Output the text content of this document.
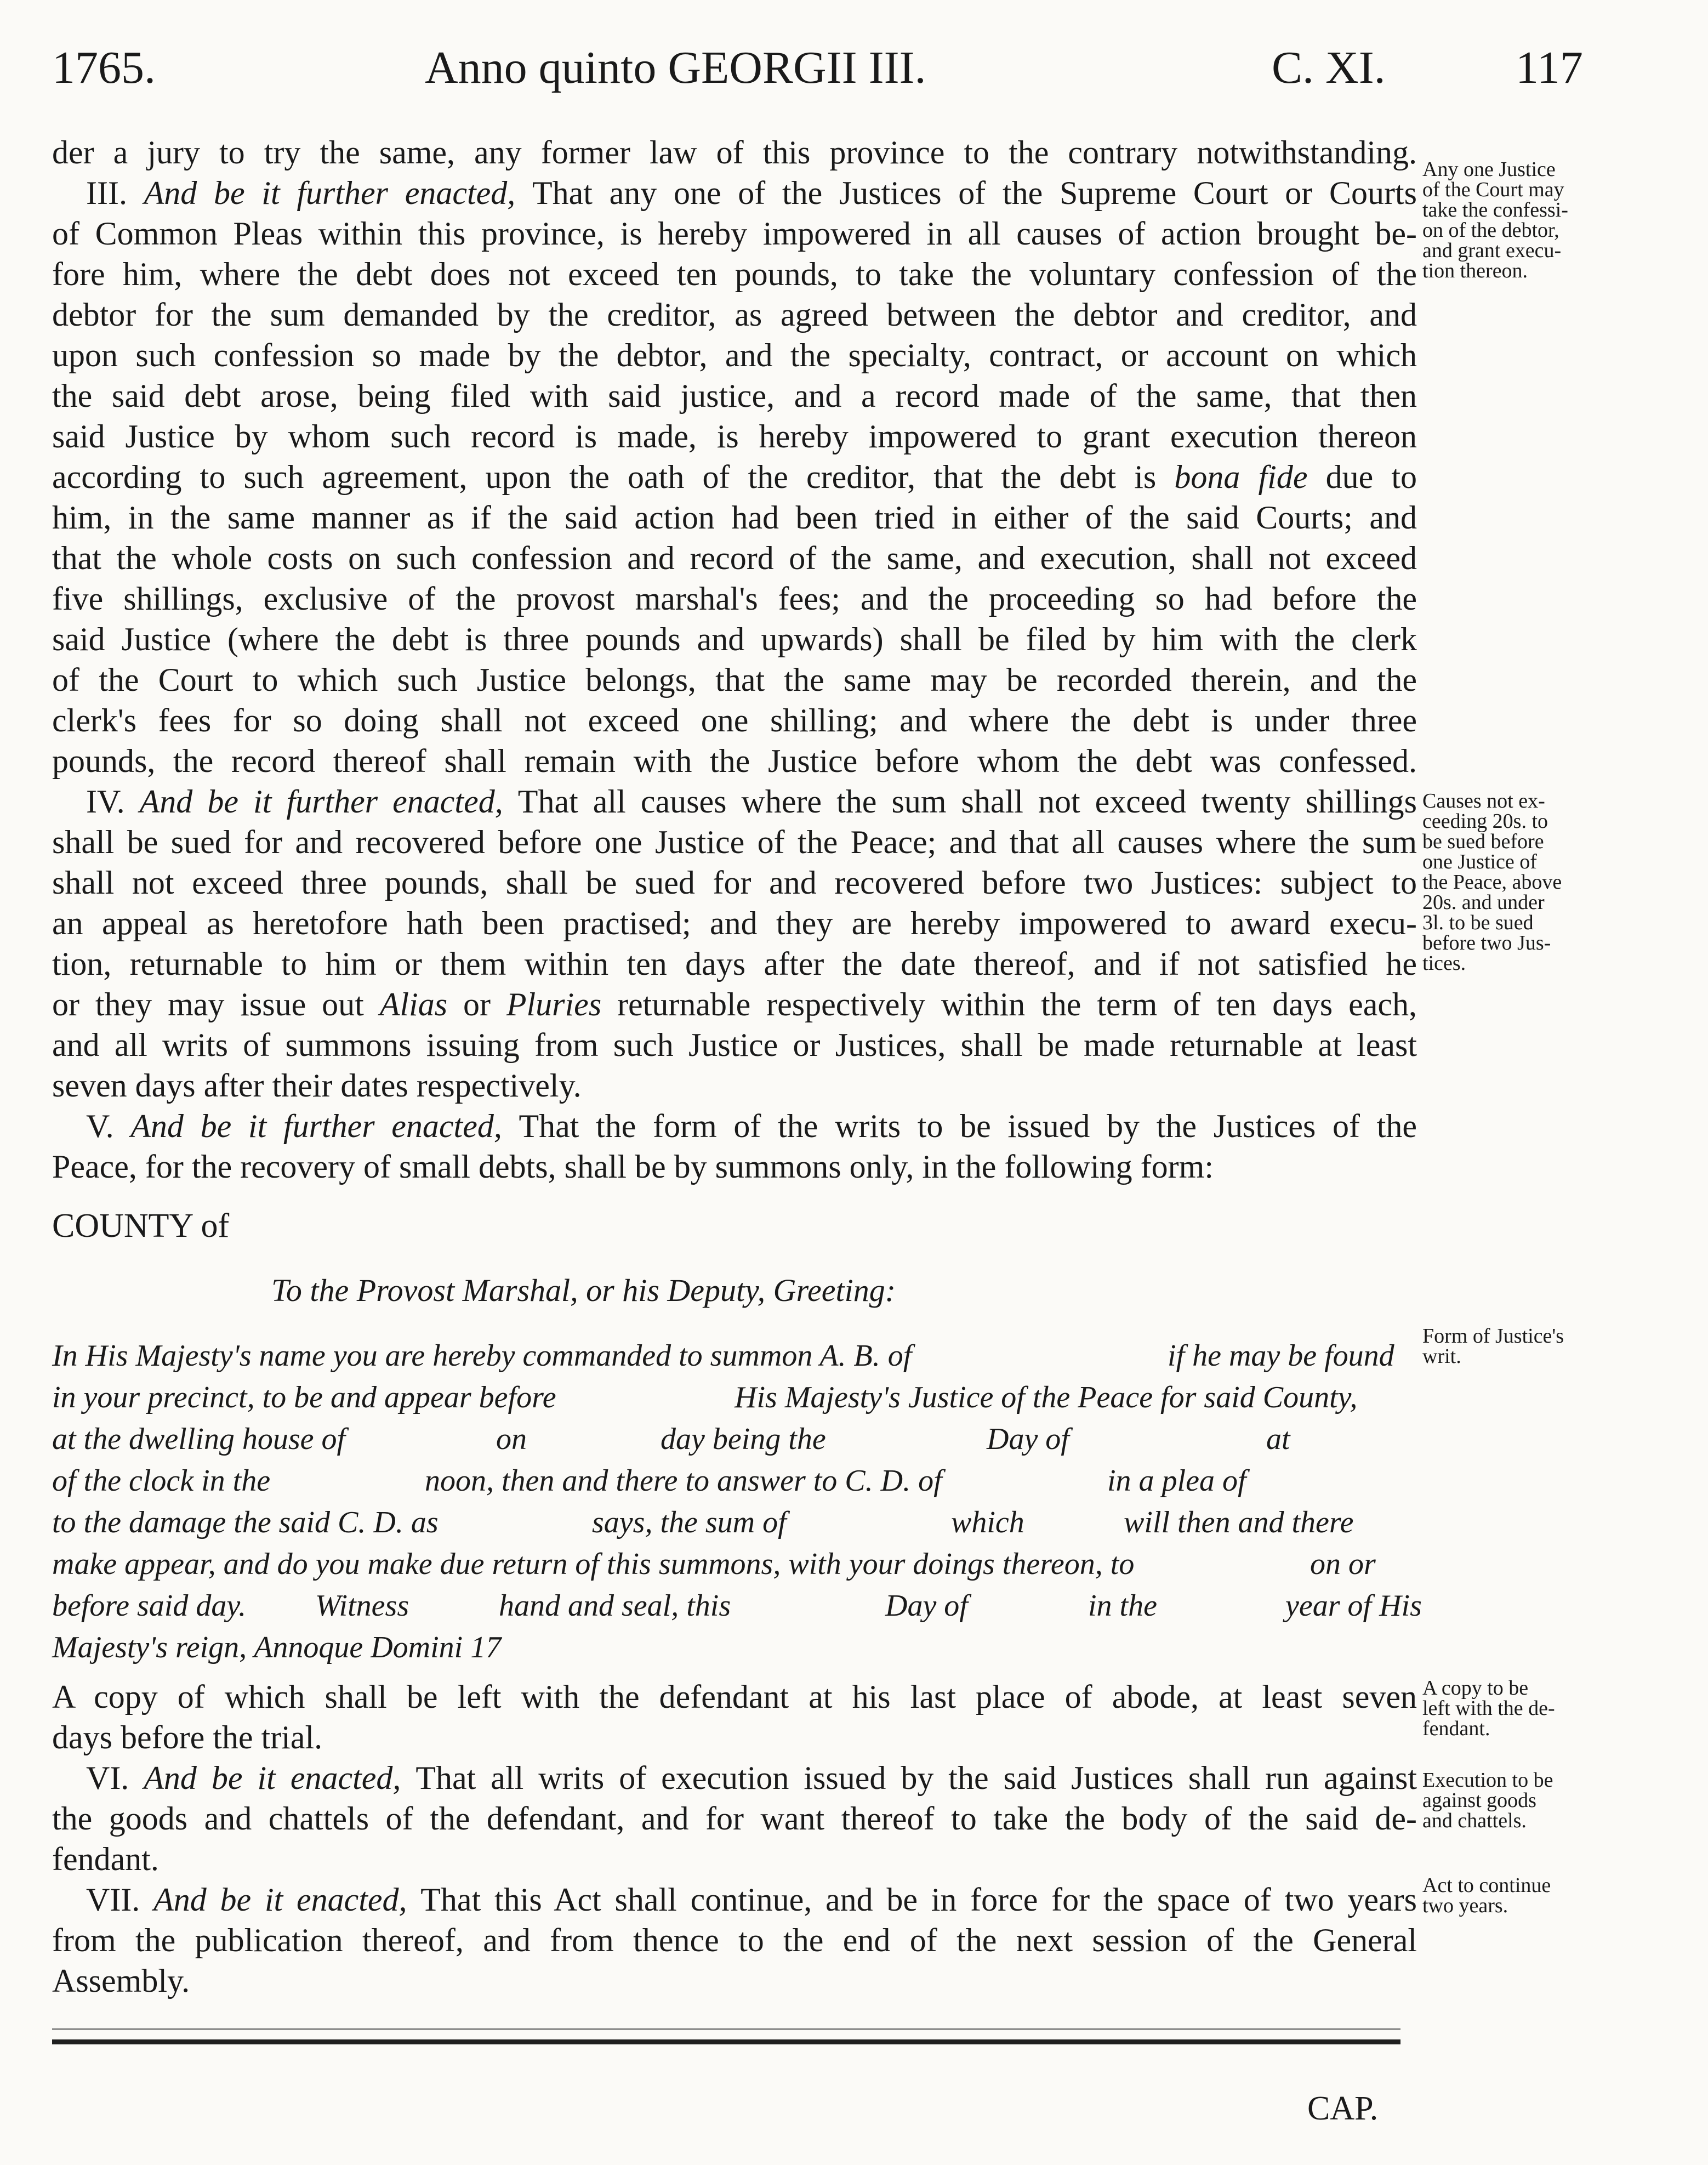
1765.	Anno quinto GEORGII III.	C. XI.	117
der a jury to try the same, any former law of this province to the contrary notwithstanding.
III. And be it further enacted, That any one of the Justices of the Supreme Court or Courts
of Common Pleas within this province, is hereby impowered in all causes of action brought be-
fore him, where the debt does not exceed ten pounds, to take the voluntary confession of the
debtor for the sum demanded by the creditor, as agreed between the debtor and creditor, and
upon such confession so made by the debtor, and the specialty, contract, or account on which
the said debt arose, being filed with said justice, and a record made of the same, that then
said Justice by whom such record is made, is hereby impowered to grant execution thereon
according to such agreement, upon the oath of the creditor, that the debt is bona fide due to
him, in the same manner as if the said action had been tried in either of the said Courts; and
that the whole costs on such confession and record of the same, and execution, shall not exceed
five shillings, exclusive of the provost marshal's fees; and the proceeding so had before the
said Justice (where the debt is three pounds and upwards) shall be filed by him with the clerk
of the Court to which such Justice belongs, that the same may be recorded therein, and the
clerk's fees for so doing shall not exceed one shilling; and where the debt is under three
pounds, the record thereof shall remain with the Justice before whom the debt was confessed.
IV. And be it further enacted, That all causes where the sum shall not exceed twenty shillings
shall be sued for and recovered before one Justice of the Peace; and that all causes where the sum
shall not exceed three pounds, shall be sued for and recovered before two Justices: subject to
an appeal as heretofore hath been practised; and they are hereby impowered to award execu-
tion, returnable to him or them within ten days after the date thereof, and if not satisfied he
or they may issue out Alias or Pluries returnable respectively within the term of ten days each,
and all writs of summons issuing from such Justice or Justices, shall be made returnable at least
seven days after their dates respectively.
V. And be it further enacted, That the form of the writs to be issued by the Justices of the
Peace, for the recovery of small debts, shall be by summons only, in the following form:
COUNTY of
To the Provost Marshal, or his Deputy, Greeting:
In His Majesty's name you are hereby commanded to summon A. B. of	if he may be found
in your precinct, to be and appear before	His Majesty's Justice of the Peace for said County,
at the dwelling house of	on	day being the	Day of	at
of the clock in the	noon, then and there to answer to C. D. of	in a plea of
to the damage the said C. D. as	says, the sum of	which	will then and there
make appear, and do you make due return of this summons, with your doings thereon, to	on or
before said day. Witness	hand and seal, this	Day of	in the	year of His
Majesty's reign, Annoque Domini 17
A copy of which shall be left with the defendant at his last place of abode, at least seven
days before the trial.
VI. And be it enacted, That all writs of execution issued by the said Justices shall run against
the goods and chattels of the defendant, and for want thereof to take the body of the said de-
fendant.
VII. And be it enacted, That this Act shall continue, and be in force for the space of two years
from the publication thereof, and from thence to the end of the next session of the General
Assembly.
Any one Justice
of the Court may
take the confessi-
on of the debtor,
and grant execu-
tion thereon.
Causes not ex-
ceeding 20s. to
be sued before
one Justice of
the Peace, above
20s. and under
3l. to be sued
before two Jus-
tices.
Form of Justice's
writ.
A copy to be
left with the de-
fendant.
Execution to be
against goods
and chattels.
Act to continue
two years.
CAP.
